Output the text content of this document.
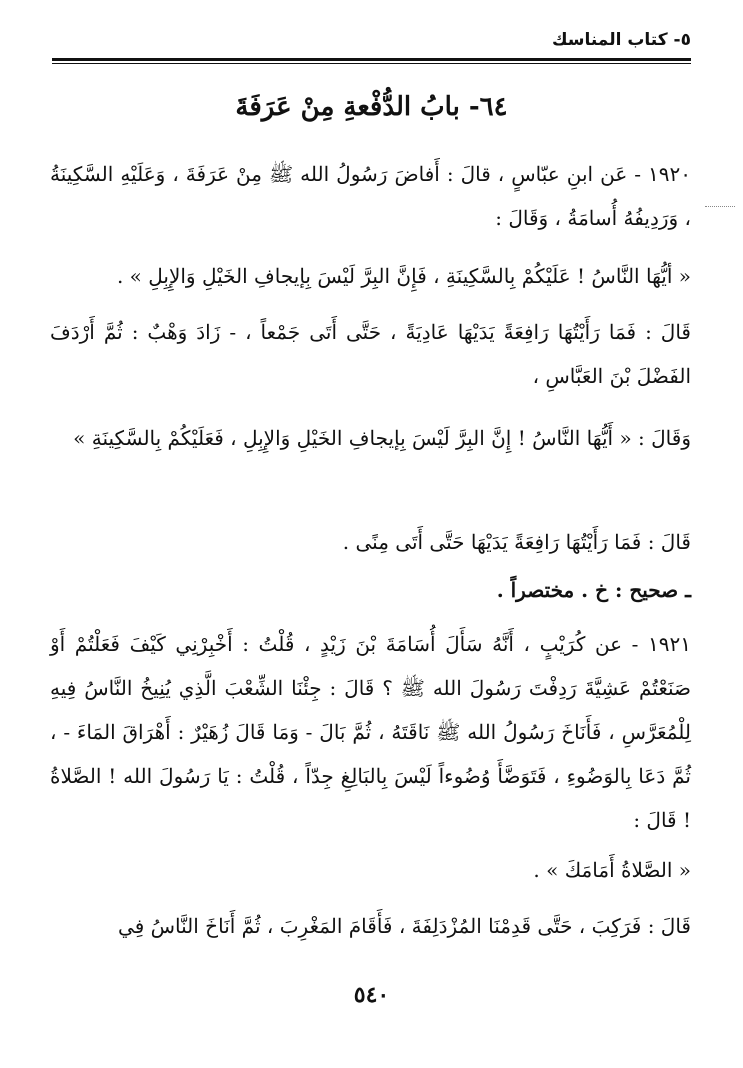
٥- كتاب المناسك
٦٤- بابُ الدُّفْعةِ مِنْ عَرَفَةَ
١٩٢٠ - عَن ابنِ عبّاسٍ ، قالَ : أَفاضَ رَسُولُ الله ﷺ مِنْ عَرَفَةَ ، وَعَلَيْهِ السَّكِينَةُ ، وَرَدِيفُهُ أُسامَةُ ، وَقَالَ :
« أيُّهَا النَّاسُ ! عَلَيْكُمْ بِالسَّكِينَةِ ، فَإِنَّ البِرَّ لَيْسَ بِإيجافِ الخَيْلِ وَالإِبِلِ » .
قَالَ : فَمَا رَأَيْتُهَا رَافِعَةً يَدَيْهَا عَادِيَةً ، حَتَّى أَتَى جَمْعاً ، - زَادَ وَهْبٌ : ثُمَّ أَرْدَفَ الفَضْلَ بْنَ العَبَّاسِ ،
وَقَالَ : « أَيُّهَا النَّاسُ ! إِنَّ البِرَّ لَيْسَ بِإيجافِ الخَيْلِ وَالإِبِلِ ، فَعَلَيْكُمْ بِالسَّكِينَةِ »
قَالَ : فَمَا رَأَيْتُهَا رَافِعَةً يَدَيْهَا حَتَّى أَتَى مِنًى .
ـ صحيح : خ . مختصراً .
١٩٢١ - عن كُرَيْبٍ ، أَنَّهُ سَأَلَ أُسَامَةَ بْنَ زَيْدٍ ، قُلْتُ : أَخْبِرْنِي كَيْفَ فَعَلْتُمْ أَوْ صَنَعْتُمْ عَشِيَّةَ رَدِفْتَ رَسُولَ الله ﷺ ؟ قَالَ : جِئْنَا الشِّعْبَ الَّذِي يُنِيخُ النَّاسُ فِيهِ لِلْمُعَرَّسِ ، فَأَنَاخَ رَسُولُ الله ﷺ نَاقَتَهُ ، ثُمَّ بَالَ - وَمَا قَالَ زُهَيْرٌ : أَهْرَاقَ المَاءَ - ، ثُمَّ دَعَا بِالوَضُوءِ ، فَتَوَضَّأَ وُضُوءاً لَيْسَ بِالبَالِغِ جِدّاً ، قُلْتُ : يَا رَسُولَ الله ! الصَّلاةُ ! قَالَ :
« الصَّلاةُ أَمَامَكَ » .
قَالَ : فَرَكِبَ ، حَتَّى قَدِمْنَا المُزْدَلِفَةَ ، فَأَقَامَ المَغْرِبَ ، ثُمَّ أَنَاخَ النَّاسُ فِي
٥٤٠
